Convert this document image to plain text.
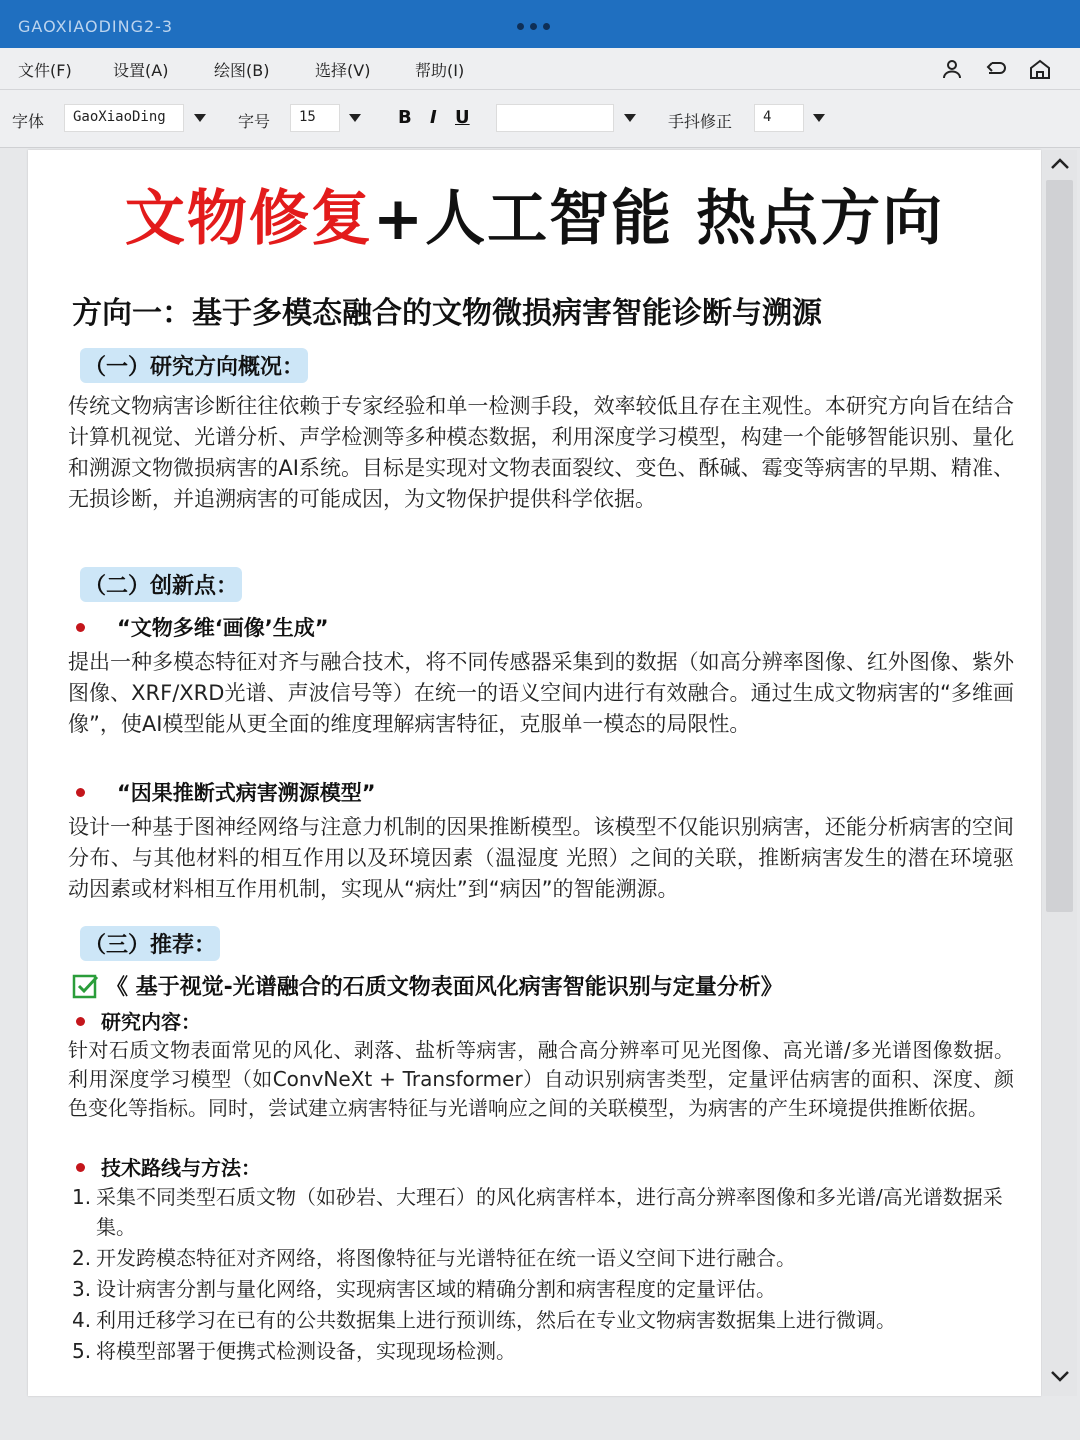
GAOXIAODING2-3
文件(F)	设置(A)	绘图(B)	选择(V)	帮助(I)
字体	GaoXiaoDing	字号	15	B I U	手抖修正	4
文物修复+人工智能 热点方向
方向一：基于多模态融合的文物微损病害智能诊断与溯源
（一）研究方向概况：
传统文物病害诊断往往依赖于专家经验和单一检测手段，效率较低且存在主观性。本研究方向旨在结合计算机视觉、光谱分析、声学检测等多种模态数据，利用深度学习模型，构建一个能够智能识别、量化和溯源文物微损病害的AI系统。目标是实现对文物表面裂纹、变色、酥碱、霉变等病害的早期、精准、无损诊断，并追溯病害的可能成因，为文物保护提供科学依据。
（二）创新点：
“文物多维‘画像’生成”
提出一种多模态特征对齐与融合技术，将不同传感器采集到的数据（如高分辨率图像、红外图像、紫外图像、XRF/XRD光谱、声波信号等）在统一的语义空间内进行有效融合。通过生成文物病害的“多维画像”，使AI模型能从更全面的维度理解病害特征，克服单一模态的局限性。
“因果推断式病害溯源模型”
设计一种基于图神经网络与注意力机制的因果推断模型。该模型不仅能识别病害，还能分析病害的空间分布、与其他材料的相互作用以及环境因素（温湿度 光照）之间的关联，推断病害发生的潜在环境驱动因素或材料相互作用机制，实现从“病灶”到“病因”的智能溯源。
（三）推荐：
《 基于视觉-光谱融合的石质文物表面风化病害智能识别与定量分析》
研究内容：
针对石质文物表面常见的风化、剥落、盐析等病害，融合高分辨率可见光图像、高光谱/多光谱图像数据。利用深度学习模型（如ConvNeXt + Transformer）自动识别病害类型，定量评估病害的面积、深度、颜色变化等指标。同时，尝试建立病害特征与光谱响应之间的关联模型，为病害的产生环境提供推断依据。
技术路线与方法：
1. 采集不同类型石质文物（如砂岩、大理石）的风化病害样本，进行高分辨率图像和多光谱/高光谱数据采集。
2. 开发跨模态特征对齐网络，将图像特征与光谱特征在统一语义空间下进行融合。
3. 设计病害分割与量化网络，实现病害区域的精确分割和病害程度的定量评估。
4. 利用迁移学习在已有的公共数据集上进行预训练，然后在专业文物病害数据集上进行微调。
5. 将模型部署于便携式检测设备，实现现场检测。
